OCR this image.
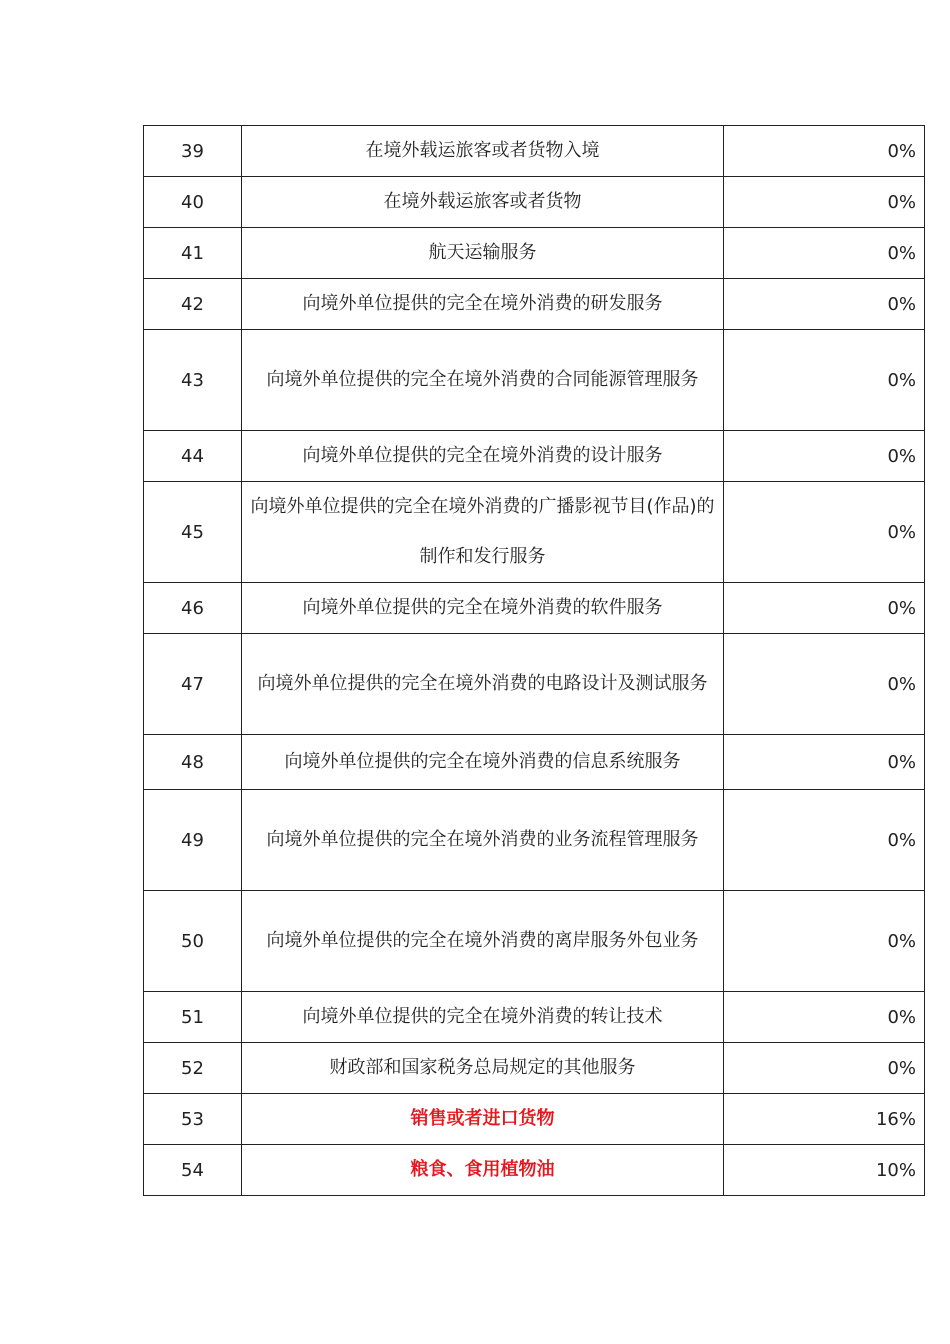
39	在境外载运旅客或者货物入境	0%
40	在境外载运旅客或者货物	0%
41	航天运输服务	0%
42	向境外单位提供的完全在境外消费的研发服务	0%
43	向境外单位提供的完全在境外消费的合同能源管理服务	0%
44	向境外单位提供的完全在境外消费的设计服务	0%
45	向境外单位提供的完全在境外消费的广播影视节目(作品)的制作和发行服务	0%
46	向境外单位提供的完全在境外消费的软件服务	0%
47	向境外单位提供的完全在境外消费的电路设计及测试服务	0%
48	向境外单位提供的完全在境外消费的信息系统服务	0%
49	向境外单位提供的完全在境外消费的业务流程管理服务	0%
50	向境外单位提供的完全在境外消费的离岸服务外包业务	0%
51	向境外单位提供的完全在境外消费的转让技术	0%
52	财政部和国家税务总局规定的其他服务	0%
53	销售或者进口货物	16%
54	粮食、食用植物油	10%
